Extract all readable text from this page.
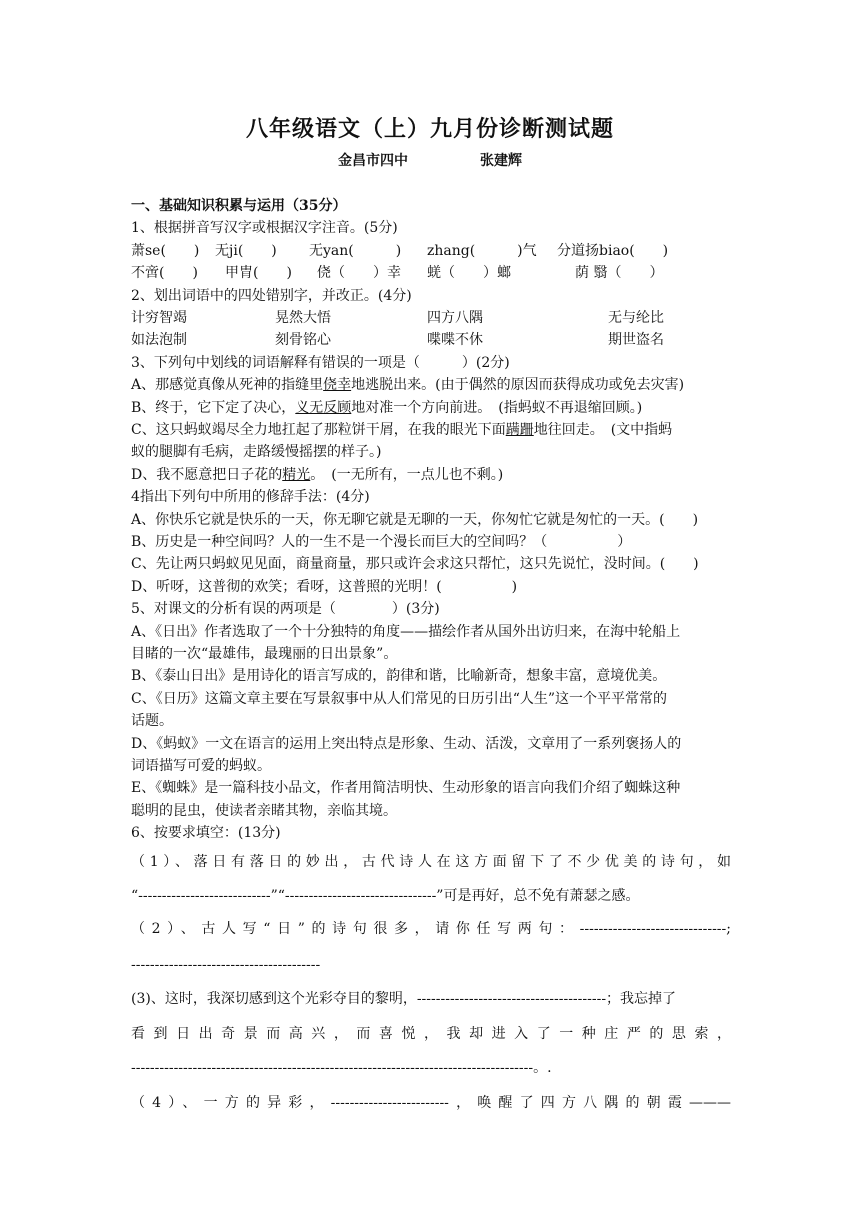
八年级语文（上）九月份诊断测试题
金昌市四中	张建辉
一、基础知识积累与运用（35分）
1、根据拼音写汉字或根据汉字注音。(5分)
萧se(　　) 无ji(　　) 无yan(　　　) zhang(　　　)气 分道扬biao(　　)
不啻(　　) 甲胄(　　) 侥（　　）幸 蜣（　　）螂	荫 翳（　　）
2、划出词语中的四处错别字，并改正。(4分)
计穷智竭	晃然大悟	四方八隅	无与纶比
如法泡制	刻骨铭心	喋喋不休	期世盗名
3、下列句中划线的词语解释有错误的一项是（　　　）(2分)
A、那感觉真像从死神的指缝里侥幸地逃脱出来。(由于偶然的原因而获得成功或免去灾害)
B、终于，它下定了决心，义无反顾地对准一个方向前进。　(指蚂蚁不再退缩回顾。)
C、这只蚂蚁竭尽全力地扛起了那粒饼干屑，在我的眼光下面蹒跚地往回走。　(文中指蚂
蚁的腿脚有毛病，走路缓慢摇摆的样子。)
D、我不愿意把日子花的精光。　(一无所有，一点儿也不剩。)
4指出下列句中所用的修辞手法：(4分)
A、你快乐它就是快乐的一天，你无聊它就是无聊的一天，你匆忙它就是匆忙的一天。(　　)
B、历史是一种空间吗？人的一生不是一个漫长而巨大的空间吗？（　　　　　）
C、先让两只蚂蚁见见面，商量商量，那只或许会求这只帮忙，这只先说忙，没时间。(　　)
D、听呀，这普彻的欢笑；看呀，这普照的光明！(　　　　　)
5、对课文的分析有误的两项是（　　　　）(3分)
A、《日出》作者选取了一个十分独特的角度——描绘作者从国外出访归来，在海中轮船上
目睹的一次“最雄伟，最瑰丽的日出景象”。
B、《泰山日出》是用诗化的语言写成的，韵律和谐，比喻新奇，想象丰富，意境优美。
C、《日历》这篇文章主要在写景叙事中从人们常见的日历引出“人生”这一个平平常常的
话题。
D、《蚂蚁》一文在语言的运用上突出特点是形象、生动、活泼，文章用了一系列褒扬人的
词语描写可爱的蚂蚁。
E、《蜘蛛》是一篇科技小品文，作者用简洁明快、生动形象的语言向我们介绍了蜘蛛这种
聪明的昆虫，使读者亲睹其物，亲临其境。
6、按要求填空：(13分)
（1）、落日有落日的妙出，古代诗人在这方面留下了不少优美的诗句，如
“----------------------------”“--------------------------------”可是再好，总不免有萧瑟之感。
（2）、古人写“日”的诗句很多，请你任写两句：-------------------------------;
----------------------------------------
(3)、这时，我深切感到这个光彩夺目的黎明，----------------------------------------；我忘掉了
看到日出奇景而高兴，而喜悦，我却进入了一种庄严的思索，
-------------------------------------------------------------------------------------。.
（4）、一方的异彩，-------------------------，唤醒了四方八隅的朝霞———
